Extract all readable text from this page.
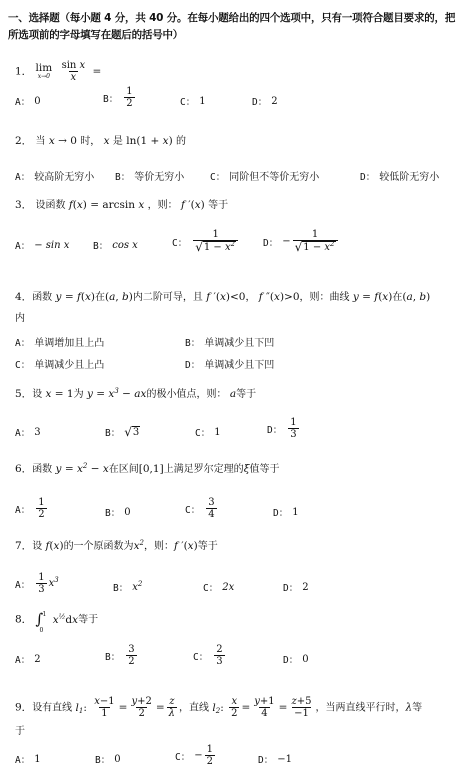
一、选择题（每小题 4 分，共 40 分。在每小题给出的四个选项中，只有一项符合题目要求的，把所选项前的字母填写在题后的括号中）
1． lim
x→0
$\frac{\text{sin x}}{x}$ =
A： 0	B： $\frac{1}{2}$	C： 1	D： 2
2． 当 x → 0 时， x 是 ln(1 + x) 的
A： 较高阶无穷小 B： 等价无穷小	C： 同阶但不等价无穷小	D： 较低阶无穷小
3． 设函数 f(x) = arcsin x ，则： f ′(x) 等于
A： − sin x B： cos x	C： $\frac{1}{√ 1 - x^2}$	D： − $\frac{1}{√ 1 - x^2}$
4．函数 y = f(x)在(a, b)内二阶可导，且 f ′(x)<0， f ″(x)>0，则：曲线 y = f(x)在(a, b)
内
A： 单调增加且上凸	B： 单调减少且下凹
C： 单调减少且上凸	D： 单调减少且下凹
5．设 x = 1为 $y = x^3$ − ax的极小值点，则： a等于
A： 3	B： √ 3	C： 1	D： $\frac{1}{3}$
6．函数 $y = x^2 - x$在区间[0,1]上满足罗尔定理的ξ值等于
A： $\frac{1}{2}$	B： 0	C： $\frac{3}{4}$	D： 1
7．设 f(x)的一个原函数为$x^2$，则：f ′(x)等于
A： $\frac{1}{3} x^3$
B： $x^2$	C： 2x	D： 2
8． ∫ 1
0
$x^{\frac{1}{2}}dx$等于
A： 2	B： $\frac{3}{2}$	C： $\frac{2}{3}$	D： 0
9．设有直线 $l_1$: $\frac{x-1}{1} = \frac{y+2}{2} = \frac{z}{\lambda}$ ，直线 $l_2$: $\frac{x}{2} = \frac{y+1}{4} = \frac{z+5}{-1}$ ，当两直线平行时，λ等
于
A： 1	B： 0	C： − $\frac{1}{2}$	D： −1
